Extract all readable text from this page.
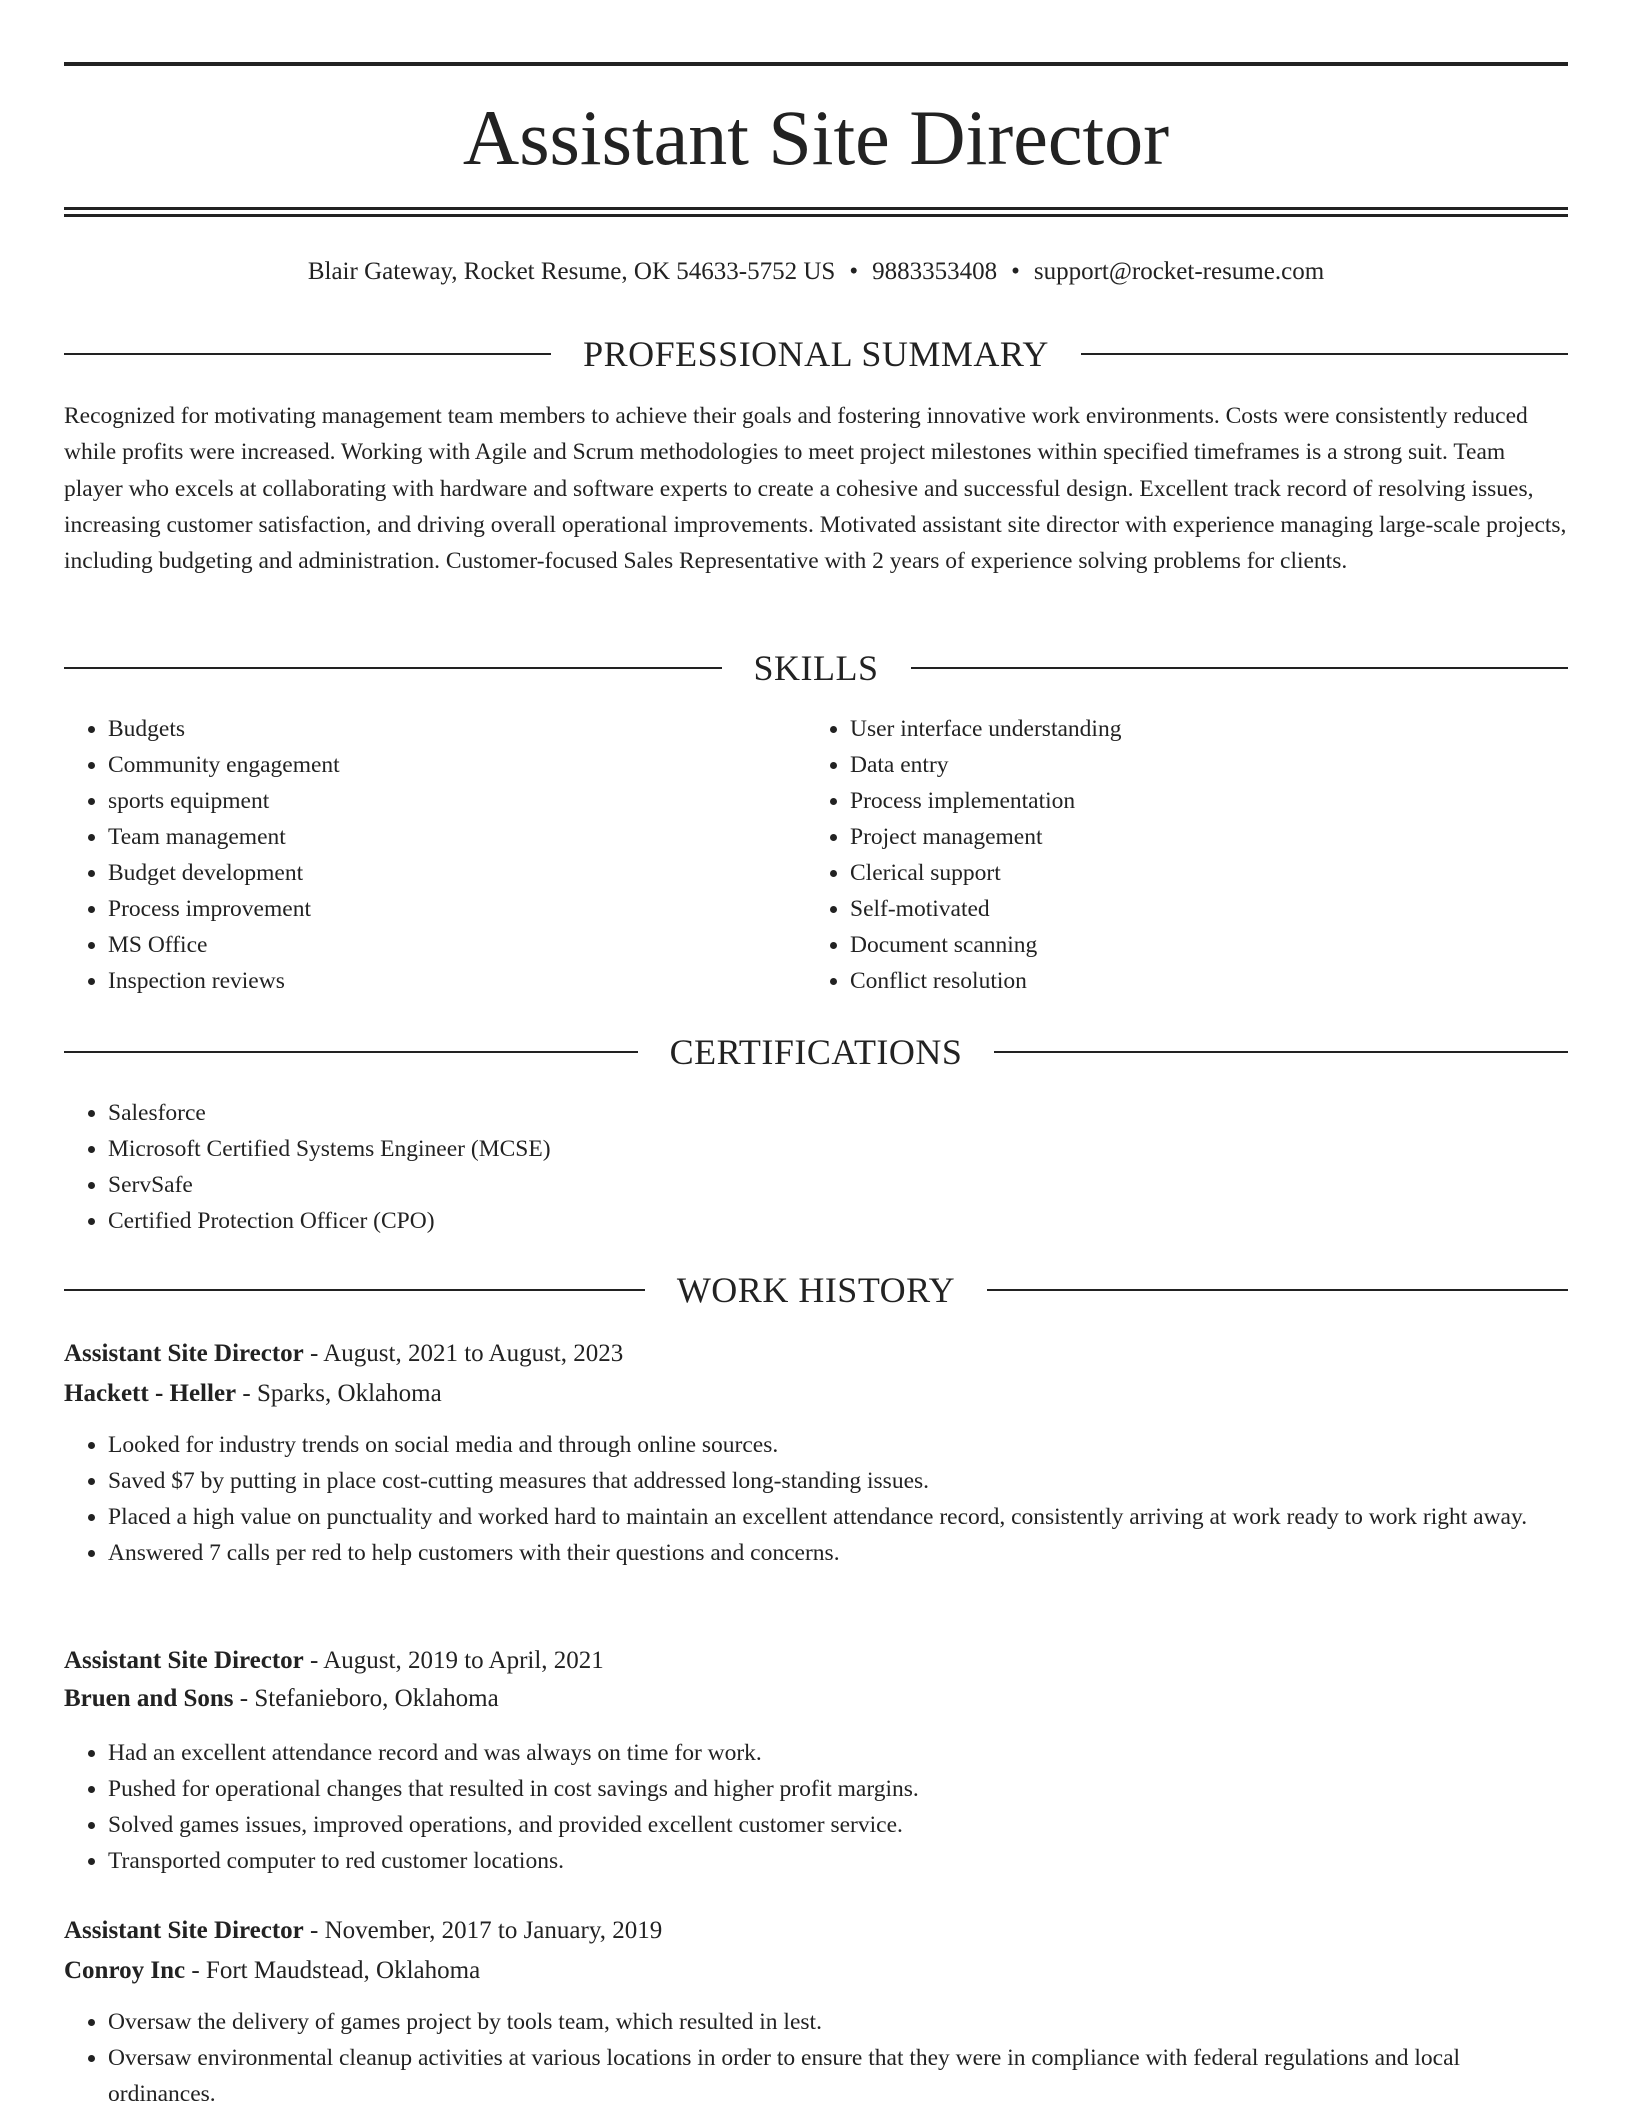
Assistant Site Director
Blair Gateway, Rocket Resume, OK 54633-5752 US • 9883353408 • support@rocket-resume.com
PROFESSIONAL SUMMARY

Recognized for motivating management team members to achieve their goals and fostering innovative work environments. Costs were consistently reduced while profits were increased. Working with Agile and Scrum methodologies to meet project milestones within specified timeframes is a strong suit. Team player who excels at collaborating with hardware and software experts to create a cohesive and successful design. Excellent track record of resolving issues, increasing customer satisfaction, and driving overall operational improvements. Motivated assistant site director with experience managing large-scale projects, including budgeting and administration. Customer-focused Sales Representative with 2 years of experience solving problems for clients.

SKILLS
• Budgets
• Community engagement
• sports equipment
• Team management
• Budget development
• Process improvement
• MS Office
• Inspection reviews
• User interface understanding
• Data entry
• Process implementation
• Project management
• Clerical support
• Self-motivated
• Document scanning
• Conflict resolution
CERTIFICATIONS
• Salesforce
• Microsoft Certified Systems Engineer (MCSE)
• ServSafe
• Certified Protection Officer (CPO)
WORK HISTORY
Assistant Site Director - August, 2021 to August, 2023
Hackett - Heller - Sparks, Oklahoma
• Looked for industry trends on social media and through online sources.
• Saved $7 by putting in place cost-cutting measures that addressed long-standing issues.
• Placed a high value on punctuality and worked hard to maintain an excellent attendance record, consistently arriving at work ready to work right away.
• Answered 7 calls per red to help customers with their questions and concerns.
Assistant Site Director - August, 2019 to April, 2021
Bruen and Sons - Stefanieboro, Oklahoma
• Had an excellent attendance record and was always on time for work.
• Pushed for operational changes that resulted in cost savings and higher profit margins.
• Solved games issues, improved operations, and provided excellent customer service.
• Transported computer to red customer locations.
Assistant Site Director - November, 2017 to January, 2019
Conroy Inc - Fort Maudstead, Oklahoma
• Oversaw the delivery of games project by tools team, which resulted in lest.
• Oversaw environmental cleanup activities at various locations in order to ensure that they were in compliance with federal regulations and local ordinances.
